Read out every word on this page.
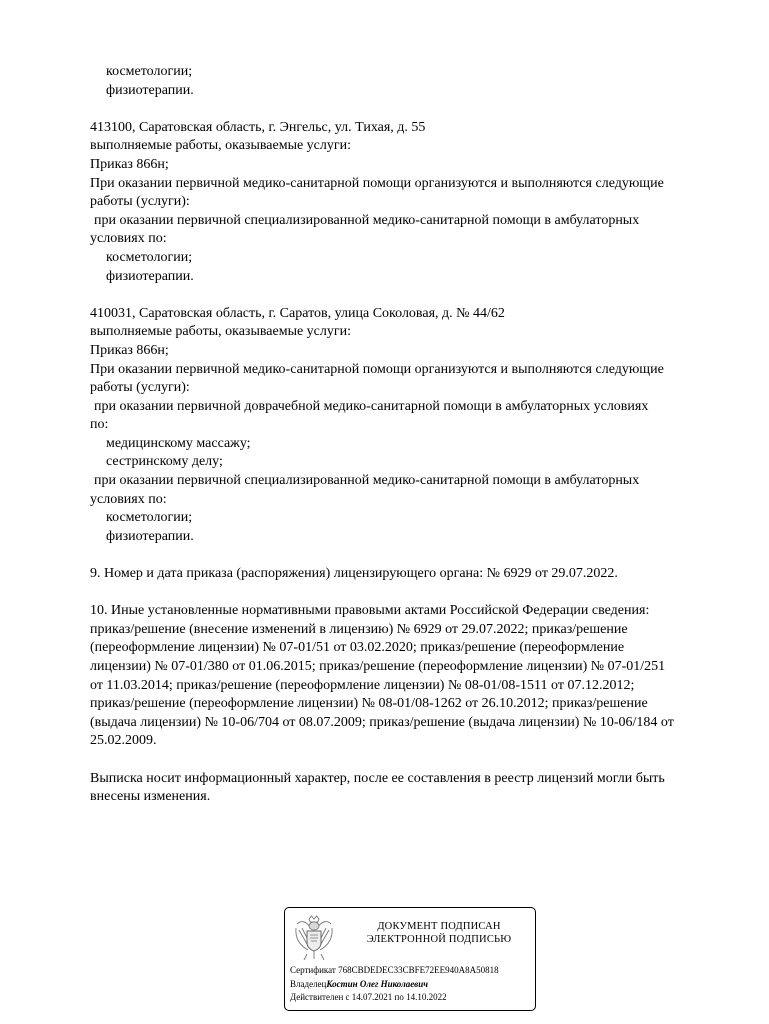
косметологии;

физиотерапии.

413100, Саратовская область, г. Энгельс, ул. Тихая, д. 55

выполняемые работы, оказываемые услуги:

Приказ 866н;

При оказании первичной медико-санитарной помощи организуются и выполняются следующие

работы (услуги):

при оказании первичной специализированной медико-санитарной помощи в амбулаторных

условиях по:

косметологии;

физиотерапии.

410031, Саратовская область, г. Саратов, улица Соколовая, д. № 44/62

выполняемые работы, оказываемые услуги:

Приказ 866н;

При оказании первичной медико-санитарной помощи организуются и выполняются следующие

работы (услуги):

при оказании первичной доврачебной медико-санитарной помощи в амбулаторных условиях

по:

медицинскому массажу;

сестринскому делу;

при оказании первичной специализированной медико-санитарной помощи в амбулаторных

условиях по:

косметологии;

физиотерапии.

9. Номер и дата приказа (распоряжения) лицензирующего органа: № 6929 от 29.07.2022.

10. Иные установленные нормативными правовыми актами Российской Федерации сведения:

приказ/решение (внесение изменений в лицензию) № 6929 от 29.07.2022; приказ/решение

(переоформление лицензии) № 07-01/51 от 03.02.2020; приказ/решение (переоформление

лицензии) № 07-01/380 от 01.06.2015; приказ/решение (переоформление лицензии) № 07-01/251

от 11.03.2014; приказ/решение (переоформление лицензии) № 08-01/08-1511 от 07.12.2012;

приказ/решение (переоформление лицензии) № 08-01/08-1262 от 26.10.2012; приказ/решение

(выдача лицензии) № 10-06/704 от 08.07.2009; приказ/решение (выдача лицензии) № 10-06/184 от

25.02.2009.

Выписка носит информационный характер, после ее составления в реестр лицензий могли быть

внесены изменения.

ДОКУМЕНТ ПОДПИСАН
ЭЛЕКТРОННОЙ ПОДПИСЬЮ
Сертификат 768CBDEDEC33CBFE72EE940A8A50818
ВладелецКостин Олег Николаевич
Действителен с 14.07.2021 по 14.10.2022
